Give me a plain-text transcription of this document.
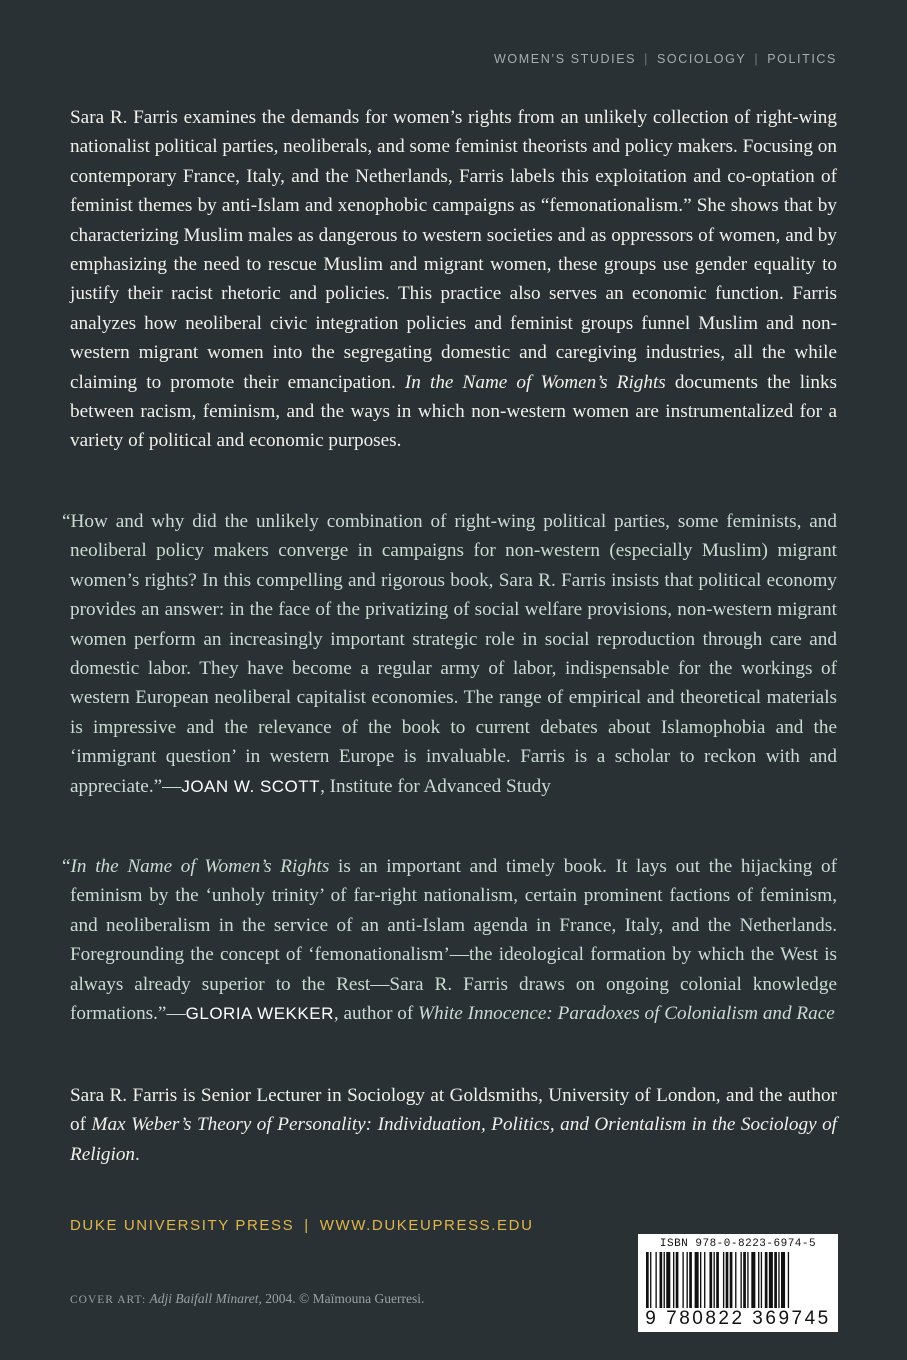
WOMEN’S STUDIES | SOCIOLOGY | POLITICS
Sara R. Farris examines the demands for women’s rights from an unlikely collection of right-wing nationalist political parties, neoliberals, and some feminist theorists and policy makers. Focusing on contemporary France, Italy, and the Netherlands, Farris labels this exploitation and co-optation of feminist themes by anti-Islam and xenophobic campaigns as “femonationalism.” She shows that by characterizing Muslim males as dangerous to western societies and as oppressors of women, and by emphasizing the need to rescue Muslim and migrant women, these groups use gender equality to justify their racist rhetoric and policies. This practice also serves an economic function. Farris analyzes how neoliberal civic integration policies and feminist groups funnel Muslim and non-western migrant women into the segregating domestic and caregiving industries, all the while claiming to promote their emancipation. In the Name of Women’s Rights documents the links between racism, feminism, and the ways in which non-western women are instrumentalized for a variety of political and economic purposes.
“How and why did the unlikely combination of right-wing political parties, some feminists, and neoliberal policy makers converge in campaigns for non-western (especially Muslim) migrant women’s rights? In this compelling and rigorous book, Sara R. Farris insists that political economy provides an answer: in the face of the privatizing of social welfare provisions, non-western migrant women perform an increasingly important strategic role in social reproduction through care and domestic labor. They have become a regular army of labor, indispensable for the workings of western European neoliberal capitalist economies. The range of empirical and theoretical materials is impressive and the relevance of the book to current debates about Islamophobia and the ‘immigrant question’ in western Europe is invaluable. Farris is a scholar to reckon with and appreciate.”—JOAN W. SCOTT, Institute for Advanced Study
“In the Name of Women’s Rights is an important and timely book. It lays out the hijacking of feminism by the ‘unholy trinity’ of far-right nationalism, certain prominent factions of feminism, and neoliberalism in the service of an anti-Islam agenda in France, Italy, and the Netherlands. Foregrounding the concept of ‘femonationalism’—the ideological formation by which the West is always already superior to the Rest—Sara R. Farris draws on ongoing colonial knowledge formations.”—GLORIA WEKKER, author of White Innocence: Paradoxes of Colonialism and Race
Sara R. Farris is Senior Lecturer in Sociology at Goldsmiths, University of London, and the author of Max Weber’s Theory of Personality: Individuation, Politics, and Orientalism in the Sociology of Religion.
DUKE UNIVERSITY PRESS | WWW.DUKEUPRESS.EDU
COVER ART: Adji Baifall Minaret, 2004. © Maïmouna Guerresi.
ISBN 978-0-8223-6974-5
9 780822 369745
